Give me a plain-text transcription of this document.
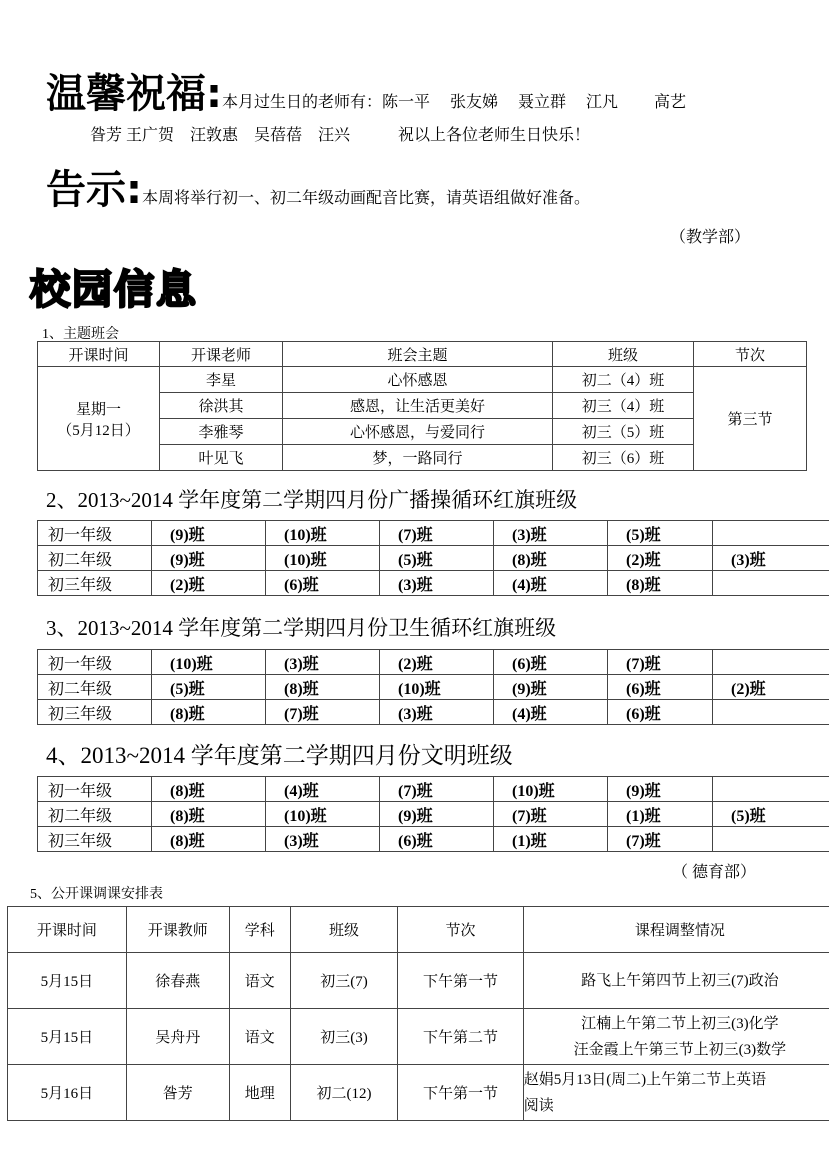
温馨祝福:本月过生日的老师有：陈一平　 张友娣 　聂立群　 江凡　　 高艺
昝芳 王广贺　汪敦惠　吴蓓蓓　汪兴　　　祝以上各位老师生日快乐！
告示:本周将举行初一、初二年级动画配音比赛，请英语组做好准备。
（教学部）
校园信息
1、主题班会
开课时间	开课老师	班会主题	班级	节次

星期一
（5月12日）	李星	心怀感恩	初二（4）班	第三节
	徐洪其	感恩，让生活更美好	初三（4）班	
	李雅琴	心怀感恩，与爱同行	初三（5）班	
	叶见飞	梦，一路同行	初三（6）班	
2、2013~2014 学年度第二学期四月份广播操循环红旗班级
初一年级	(9)班	(10)班	(7)班	(3)班	(5)班	
初二年级	(9)班	(10)班	(5)班	(8)班	(2)班	(3)班
初三年级	(2)班	(6)班	(3)班	(4)班	(8)班	
3、2013~2014 学年度第二学期四月份卫生循环红旗班级
初一年级	(10)班	(3)班	(2)班	(6)班	(7)班	
初二年级	(5)班	(8)班	(10)班	(9)班	(6)班	(2)班
初三年级	(8)班	(7)班	(3)班	(4)班	(6)班	
4、2013~2014 学年度第二学期四月份文明班级
初一年级	(8)班	(4)班	(7)班	(10)班	(9)班	
初二年级	(8)班	(10)班	(9)班	(7)班	(1)班	(5)班
初三年级	(8)班	(3)班	(6)班	(1)班	(7)班	
（ 德育部）
5、公开课调课安排表
开课时间	开课教师	学科	班级	节次	课程调整情况
5月15日	徐春燕	语文	初三(7)	下午第一节	路飞上午第四节上初三(7)政治

5月15日	吴舟丹	语文	初三(3)	下午第二节	江楠上午第二节上初三(3)化学
汪金霞上午第三节上初三(3)数学

5月16日	昝芳	地理	初二(12)	下午第一节	赵娟5月13日(周二)上午第二节上英语
阅读
